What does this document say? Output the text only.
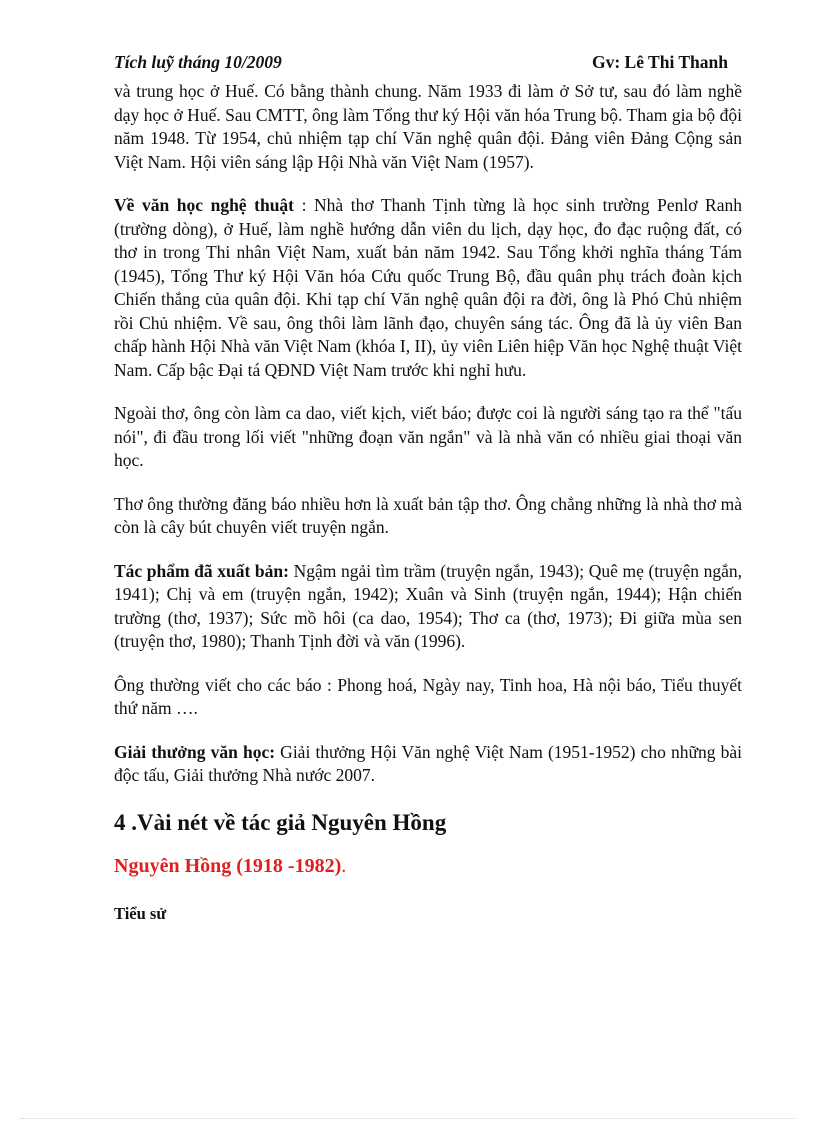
Tích luỹ tháng 10/2009	Gv: Lê Thi Thanh

và trung học ở Huế. Có bằng thành chung. Năm 1933 đi làm ở Sở tư, sau đó làm nghề dạy học ở Huế. Sau CMTT, ông làm Tổng thư ký Hội văn hóa Trung bộ. Tham gia bộ đội năm 1948. Từ 1954, chủ nhiệm tạp chí Văn nghệ quân đội. Đảng viên Đảng Cộng sản Việt Nam. Hội viên sáng lập Hội Nhà văn Việt Nam (1957).

Về văn học nghệ thuật : Nhà thơ Thanh Tịnh từng là học sinh trường Penlơ Ranh (trường dòng), ở Huế, làm nghề hướng dẫn viên du lịch, dạy học, đo đạc ruộng đất, có thơ in trong Thi nhân Việt Nam, xuất bản năm 1942. Sau Tổng khởi nghĩa tháng Tám (1945), Tổng Thư ký Hội Văn hóa Cứu quốc Trung Bộ, đầu quân phụ trách đoàn kịch Chiến thắng của quân đội. Khi tạp chí Văn nghệ quân đội ra đời, ông là Phó Chủ nhiệm rồi Chủ nhiệm. Về sau, ông thôi làm lãnh đạo, chuyên sáng tác. Ông đã là ủy viên Ban chấp hành Hội Nhà văn Việt Nam (khóa I, II), ủy viên Liên hiệp Văn học Nghệ thuật Việt Nam. Cấp bậc Đại tá QĐND Việt Nam trước khi nghỉ hưu.

Ngoài thơ, ông còn làm ca dao, viết kịch, viết báo; được coi là người sáng tạo ra thể "tấu nói", đi đầu trong lối viết "những đoạn văn ngắn" và là nhà văn có nhiều giai thoại văn học.

Thơ ông thường đăng báo nhiều hơn là xuất bản tập thơ. Ông chẳng những là nhà thơ mà còn là cây bút chuyên viết truyện ngắn.

Tác phẩm đã xuất bản: Ngậm ngải tìm trầm (truyện ngắn, 1943); Quê mẹ (truyện ngắn, 1941); Chị và em (truyện ngắn, 1942); Xuân và Sinh (truyện ngắn, 1944); Hận chiến trường (thơ, 1937); Sức mồ hôi (ca dao, 1954); Thơ ca (thơ, 1973); Đi giữa mùa sen (truyện thơ, 1980); Thanh Tịnh đời và văn (1996).

Ông thường viết cho các báo : Phong hoá, Ngày nay, Tinh hoa, Hà nội báo, Tiểu thuyết thứ năm ….

Giải thưởng văn học: Giải thưởng Hội Văn nghệ Việt Nam (1951-1952) cho những bài độc tấu, Giải thưởng Nhà nước 2007.

4 .Vài nét về tác giả Nguyên Hồng
Nguyên Hồng (1918 -1982).

Tiểu sử
